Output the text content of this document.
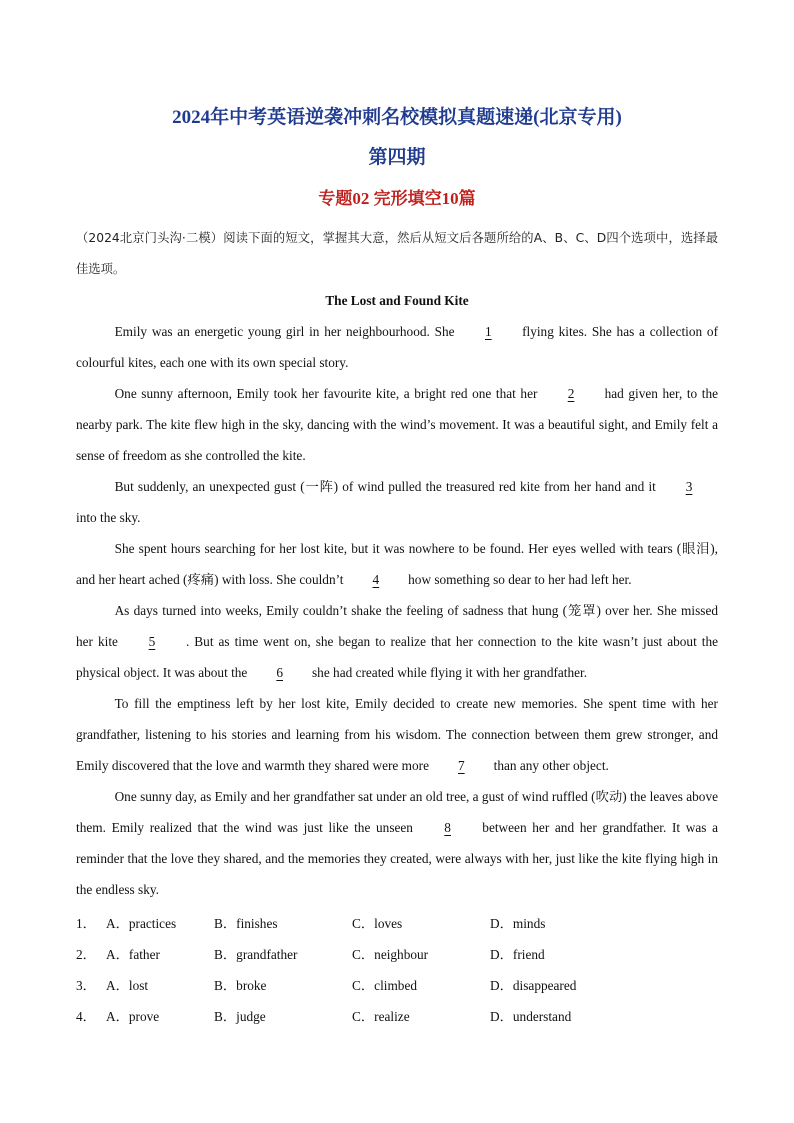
2024年中考英语逆袭冲刺名校模拟真题速递(北京专用)
第四期
专题02 完形填空10篇
（2024北京门头沟·二模）阅读下面的短文，掌握其大意，然后从短文后各题所给的A、B、C、D四个选项中，选择最佳选项。
The Lost and Found Kite

Emily was an energetic young girl in her neighbourhood. She 1 flying kites. She has a collection of colourful kites, each one with its own special story.

One sunny afternoon, Emily took her favourite kite, a bright red one that her 2 had given her, to the nearby park. The kite flew high in the sky, dancing with the wind’s movement. It was a beautiful sight, and Emily felt a sense of freedom as she controlled the kite.

But suddenly, an unexpected gust (一阵) of wind pulled the treasured red kite from her hand and it 3 into the sky.

She spent hours searching for her lost kite, but it was nowhere to be found. Her eyes welled with tears (眼泪), and her heart ached (疼痛) with loss. She couldn’t 4 how something so dear to her had left her.

As days turned into weeks, Emily couldn’t shake the feeling of sadness that hung (笼罩) over her. She missed her kite 5 . But as time went on, she began to realize that her connection to the kite wasn’t just about the physical object. It was about the 6 she had created while flying it with her grandfather.

To fill the emptiness left by her lost kite, Emily decided to create new memories. She spent time with her grandfather, listening to his stories and learning from his wisdom. The connection between them grew stronger, and Emily discovered that the love and warmth they shared were more 7 than any other object.

One sunny day, as Emily and her grandfather sat under an old tree, a gust of wind ruffled (吹动) the leaves above them. Emily realized that the wind was just like the unseen 8 between her and her grandfather. It was a reminder that the love they shared, and the memories they created, were always with her, just like the kite flying high in the endless sky.

1． A．practices	B．finishes	C．loves	D．minds
2． A．father	B．grandfather	C．neighbour	D．friend
3． A．lost	B．broke	C．climbed	D．disappeared
4． A．prove	B．judge	C．realize	D．understand
